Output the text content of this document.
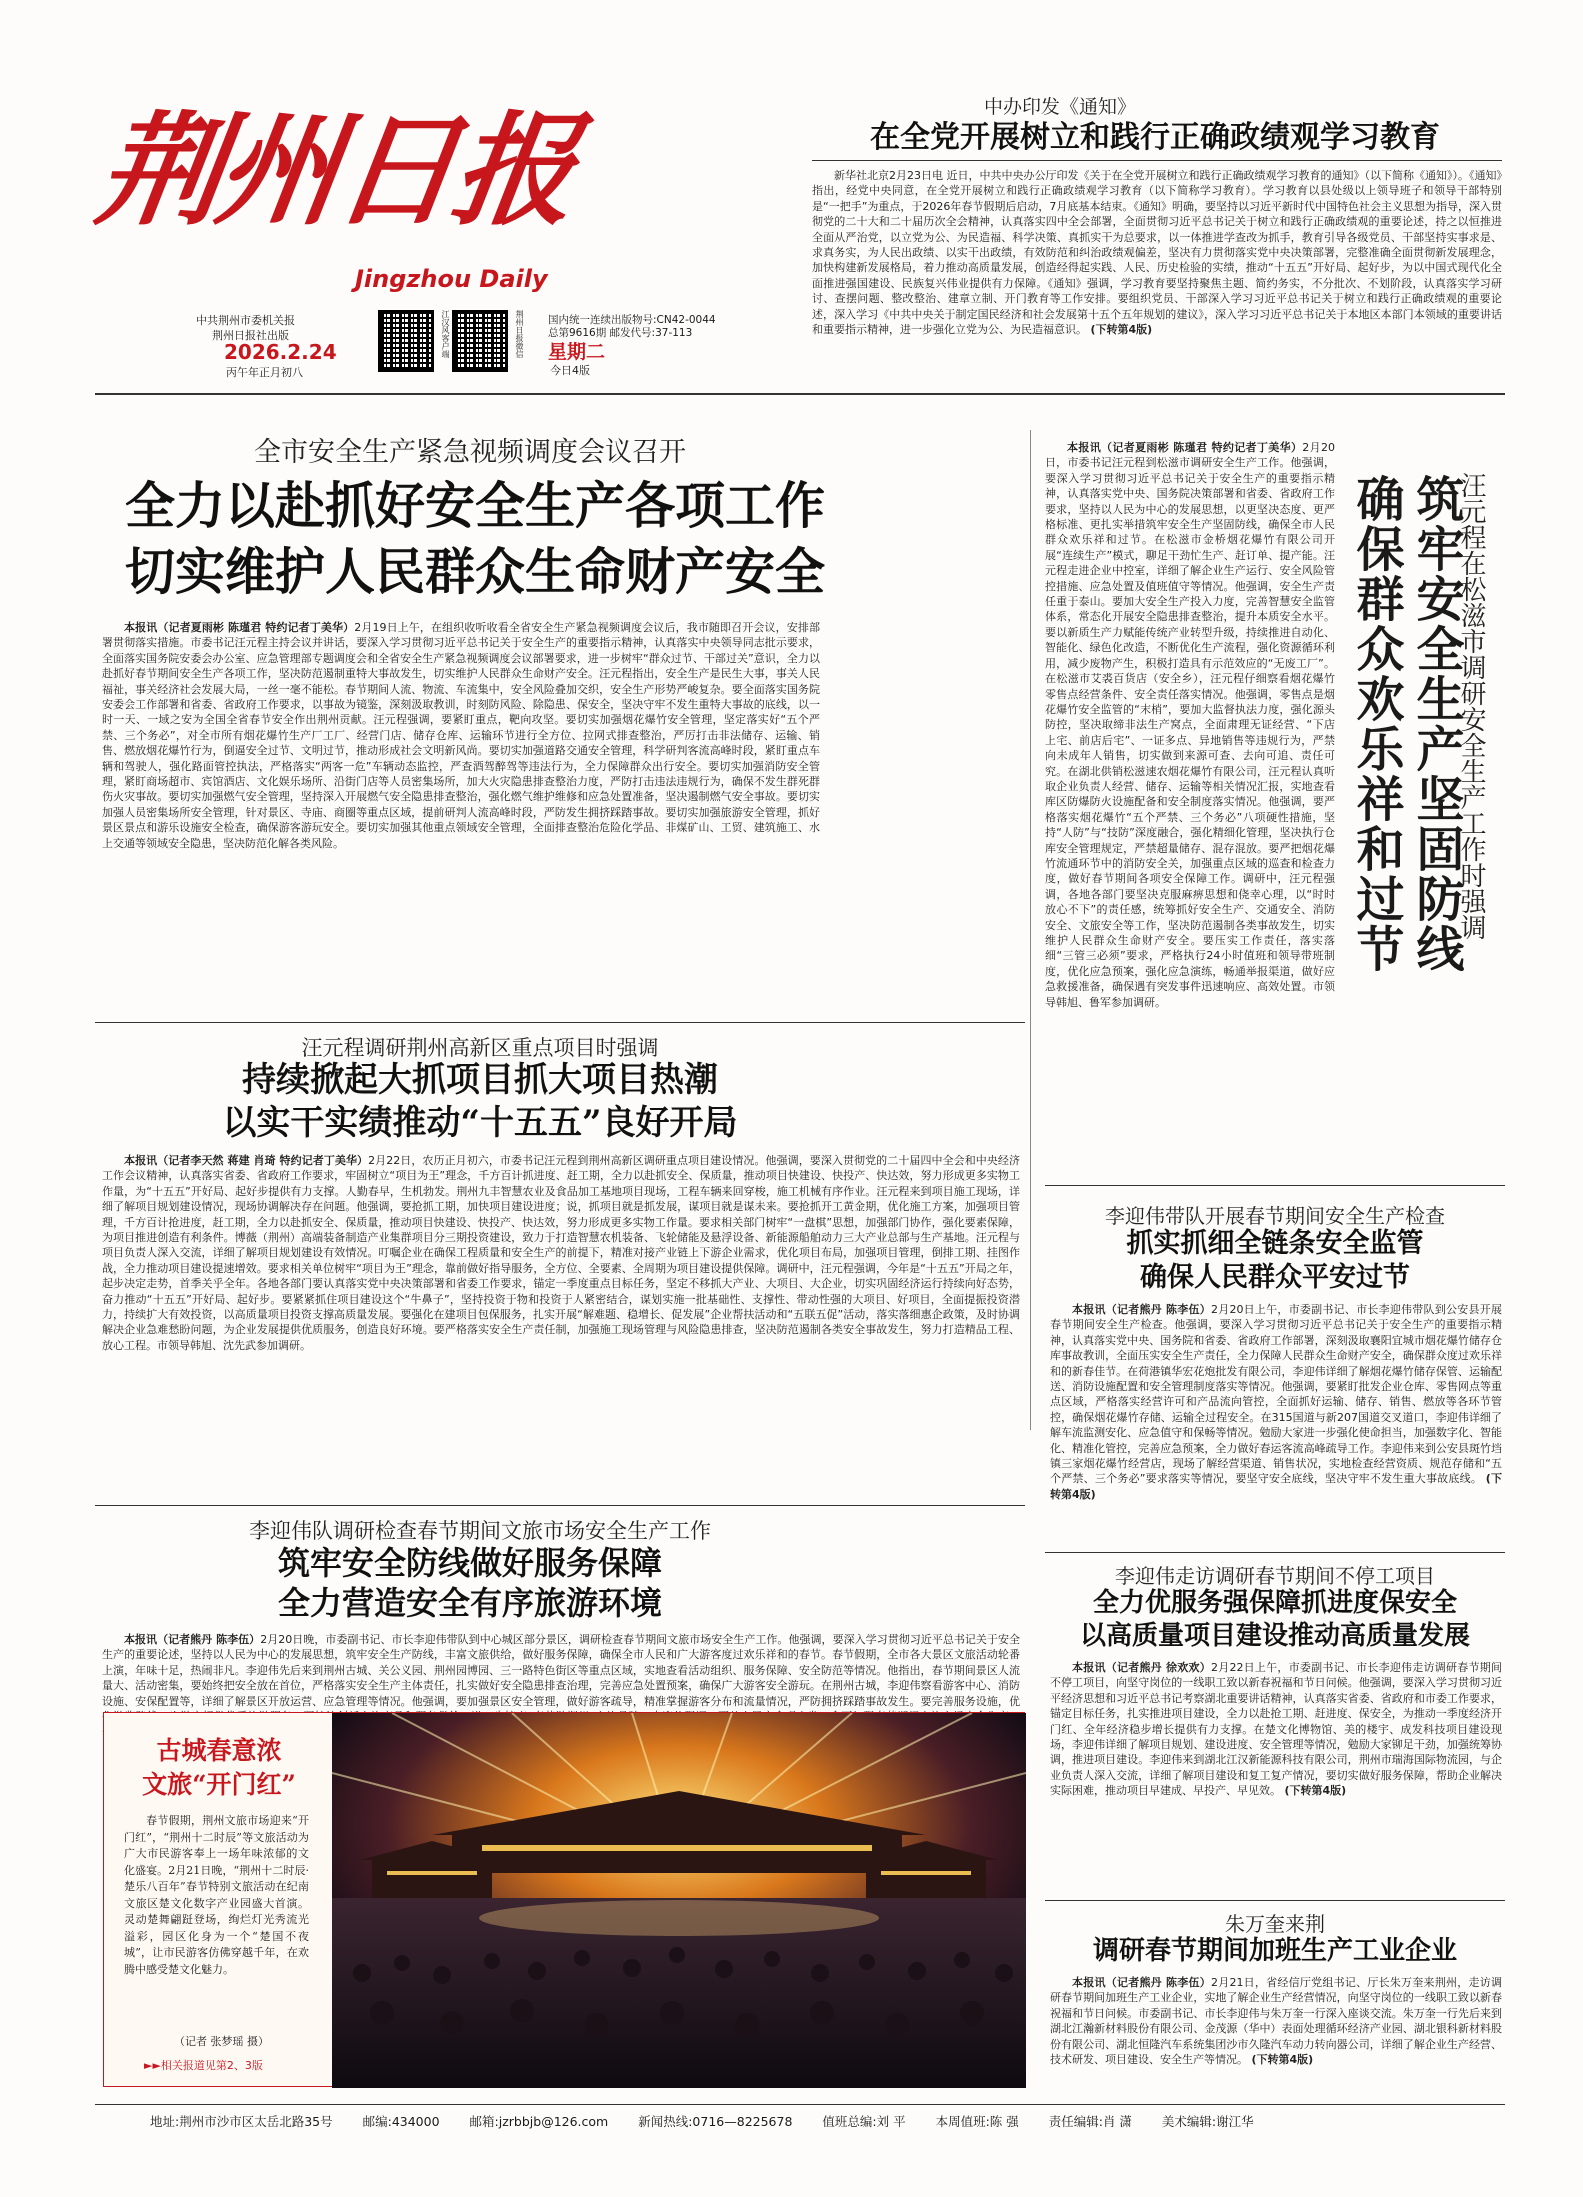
荆州日报
Jingzhou Daily
中共荆州市委机关报
荆州日报社出版
2026.2.24
丙午年正月初八
江汉风客户端	荆州日报微信 星期二
今日4版
国内统一连续出版物号:CN42-0044
总第9616期 邮发代号:37-113
中办印发《通知》
在全党开展树立和践行正确政绩观学习教育
新华社北京2月23日电 近日，中共中央办公厅印发《关于在全党开展树立和践行正确政绩观学习教育的通知》（以下简称《通知》）。《通知》指出，经党中央同意，在全党开展树立和践行正确政绩观学习教育（以下简称学习教育）。学习教育以县处级以上领导班子和领导干部特别是“一把手”为重点，于2026年春节假期后启动，7月底基本结束。《通知》明确，要坚持以习近平新时代中国特色社会主义思想为指导，深入贯彻党的二十大和二十届历次全会精神，认真落实四中全会部署，全面贯彻习近平总书记关于树立和践行正确政绩观的重要论述，持之以恒推进全面从严治党，以立党为公、为民造福、科学决策、真抓实干为总要求，以一体推进学查改为抓手，教育引导各级党员、干部坚持实事求是、求真务实，为人民出政绩、以实干出政绩，有效防范和纠治政绩观偏差，坚决有力贯彻落实党中央决策部署，完整准确全面贯彻新发展理念，加快构建新发展格局，着力推动高质量发展，创造经得起实践、人民、历史检验的实绩，推动“十五五”开好局、起好步，为以中国式现代化全面推进强国建设、民族复兴伟业提供有力保障。《通知》强调，学习教育要坚持聚焦主题、简约务实，不分批次、不划阶段，认真落实学习研讨、查摆问题、整改整治、建章立制、开门教育等工作安排。要组织党员、干部深入学习习近平总书记关于树立和践行正确政绩观的重要论述，深入学习《中共中央关于制定国民经济和社会发展第十五个五年规划的建议》，深入学习习近平总书记关于本地区本部门本领域的重要讲话和重要指示精神，进一步强化立党为公、为民造福意识。 (下转第4版)
全市安全生产紧急视频调度会议召开
全力以赴抓好安全生产各项工作
切实维护人民群众生命财产安全
本报讯（记者夏雨彬 陈瑾君 特约记者丁美华）2月19日上午，在组织收听收看全省安全生产紧急视频调度会议后，我市随即召开会议，安排部署贯彻落实措施。市委书记汪元程主持会议并讲话，要深入学习贯彻习近平总书记关于安全生产的重要指示精神，认真落实中央领导同志批示要求，全面落实国务院安委会办公室、应急管理部专题调度会和全省安全生产紧急视频调度会议部署要求，进一步树牢“群众过节、干部过关”意识，全力以赴抓好春节期间安全生产各项工作，坚决防范遏制重特大事故发生，切实维护人民群众生命财产安全。汪元程指出，安全生产是民生大事，事关人民福祉，事关经济社会发展大局，一丝一毫不能松。春节期间人流、物流、车流集中，安全风险叠加交织，安全生产形势严峻复杂。要全面落实国务院安委会工作部署和省委、省政府工作要求，以事故为镜鉴，深刻汲取教训，时刻防风险、除隐患、保安全，坚决守牢不发生重特大事故的底线，以一时一天、一域之安为全国全省春节安全作出荆州贡献。汪元程强调，要紧盯重点，靶向攻坚。要切实加强烟花爆竹安全管理，坚定落实好“五个严禁、三个务必”，对全市所有烟花爆竹生产厂工厂、经营门店、储存仓库、运输环节进行全方位、拉网式排查整治，严厉打击非法储存、运输、销售、燃放烟花爆竹行为，倒逼安全过节、文明过节，推动形成社会文明新风尚。要切实加强道路交通安全管理，科学研判客流高峰时段，紧盯重点车辆和驾驶人，强化路面管控执法，严格落实“两客一危”车辆动态监控，严查酒驾醉驾等违法行为，全力保障群众出行安全。要切实加强消防安全管理，紧盯商场超市、宾馆酒店、文化娱乐场所、沿街门店等人员密集场所，加大火灾隐患排查整治力度，严防打击违法违规行为，确保不发生群死群伤火灾事故。要切实加强燃气安全管理，坚持深入开展燃气安全隐患排查整治，强化燃气维护维修和应急处置准备，坚决遏制燃气安全事故。要切实加强人员密集场所安全管理，针对景区、寺庙、商圈等重点区域，提前研判人流高峰时段，严防发生拥挤踩踏事故。要切实加强旅游安全管理，抓好景区景点和游乐设施安全检查，确保游客游玩安全。要切实加强其他重点领域安全管理，全面排查整治危险化学品、非煤矿山、工贸、建筑施工、水上交通等领域安全隐患，坚决防范化解各类风险。	汪元程在松滋市调研安全生产工作时强调
筑牢安全生产坚固防线
确保群众欢乐祥和过节
本报讯（记者夏雨彬 陈瑾君 特约记者丁美华）2月20日，市委书记汪元程到松滋市调研安全生产工作。他强调，要深入学习贯彻习近平总书记关于安全生产的重要指示精神，认真落实党中央、国务院决策部署和省委、省政府工作要求，坚持以人民为中心的发展思想，以更坚决态度、更严格标准、更扎实举措筑牢安全生产坚固防线，确保全市人民群众欢乐祥和过节。在松滋市金桥烟花爆竹有限公司开展“连续生产”模式，聊足干劲忙生产、赶订单、提产能。汪元程走进企业中控室，详细了解企业生产运行、安全风险管控措施、应急处置及值班值守等情况。他强调，安全生产责任重于泰山。要加大安全生产投入力度，完善智慧安全监管体系，常态化开展安全隐患排查整治，提升本质安全水平。要以新质生产力赋能传统产业转型升级，持续推进自动化、智能化、绿色化改造，不断优化生产流程，强化资源循环利用，减少废物产生，积极打造具有示范效应的“无废工厂”。在松滋市艾裘百货店（安全乡），汪元程仔细察看烟花爆竹零售点经营条件、安全责任落实情况。他强调，零售点是烟花爆竹安全监管的“末梢”，要加大监督执法力度，强化源头防控，坚决取缔非法生产窝点，全面肃理无证经营、“下店上宅、前店后宅”、一证多点、异地销售等违规行为，严禁向未成年人销售，切实做到来源可查、去向可追、责任可究。在湖北供销松滋速农烟花爆竹有限公司，汪元程认真听取企业负责人经营、储存、运输等相关情况汇报，实地查看库区防爆防火设施配备和安全制度落实情况。他强调，要严格落实烟花爆竹“五个严禁、三个务必”八项硬性措施，坚持“人防”与“技防”深度融合，强化精细化管理，坚决执行仓库安全管理规定，严禁超量储存、混存混放。要严把烟花爆竹流通环节中的消防安全关，加强重点区域的巡查和检查力度，做好春节期间各项安全保障工作。调研中，汪元程强调，各地各部门要坚决克服麻痹思想和侥幸心理，以“时时放心不下”的责任感，统筹抓好安全生产、交通安全、消防安全、文旅安全等工作，坚决防范遏制各类事故发生，切实维护人民群众生命财产安全。要压实工作责任，落实落细“三管三必须”要求，严格执行24小时值班和领导带班制度，优化应急预案，强化应急演练，畅通举报渠道，做好应急救援准备，确保遇有突发事件迅速响应、高效处置。市领导韩旭、鲁军参加调研。
汪元程调研荆州高新区重点项目时强调
持续掀起大抓项目抓大项目热潮
以实干实绩推动“十五五”良好开局
本报讯（记者李天然 蒋建 肖琦 特约记者丁美华）2月22日，农历正月初六，市委书记汪元程到荆州高新区调研重点项目建设情况。他强调，要深入贯彻党的二十届四中全会和中央经济工作会议精神，认真落实省委、省政府工作要求，牢固树立“项目为王”理念，千方百计抓进度、赶工期，全力以赴抓安全、保质量，推动项目快建设、快投产、快达效，努力形成更多实物工作量，为“十五五”开好局、起好步提供有力支撑。人勤春早，生机勃发。荆州九丰智慧农业及食品加工基地项目现场，工程车辆来回穿梭，施工机械有序作业。汪元程来到项目施工现场，详细了解项目规划建设情况，现场协调解决存在问题。他强调，要抢抓工期，加快项目建设进度；说，抓项目就是抓发展，谋项目就是谋未来。要抢抓开工黄金期，优化施工方案，加强项目管理，千方百计抢进度，赶工期，全力以赴抓安全、保质量，推动项目快建设、快投产、快达效，努力形成更多实物工作量。要求相关部门树牢“一盘棋”思想，加强部门协作，强化要素保障，为项目推进创造有利条件。博薇（荆州）高端装备制造产业集群项目分三期投资建设，致力于打造智慧农机装备、飞轮储能及悬浮设备、新能源船舶动力三大产业总部与生产基地。汪元程与项目负责人深入交流，详细了解项目规划建设有效情况。叮嘱企业在确保工程质量和安全生产的前提下，精准对接产业链上下游企业需求，优化项目布局，加强项目管理，倒排工期、挂图作战，全力推动项目建设提速增效。要求相关单位树牢“项目为王”理念，靠前做好指导服务，全方位、全要素、全周期为项目建设提供保障。调研中，汪元程强调，今年是“十五五”开局之年，起步决定走势，首季关乎全年。各地各部门要认真落实党中央决策部署和省委工作要求，锚定一季度重点目标任务，坚定不移抓大产业、大项目、大企业，切实巩固经济运行持续向好态势，奋力推动“十五五”开好局、起好步。要紧紧抓住项目建设这个“牛鼻子”，坚持投资于物和投资于人紧密结合，谋划实施一批基础性、支撑性、带动性强的大项目、好项目，全面提振投资潜力，持续扩大有效投资，以高质量项目投资支撑高质量发展。要强化在建项目包保服务，扎实开展“解难题、稳增长、促发展”企业帮扶活动和“五联五促”活动，落实落细惠企政策，及时协调解决企业急难愁盼问题，为企业发展提供优质服务，创造良好环境。要严格落实安全生产责任制，加强施工现场管理与风险隐患排查，坚决防范遏制各类安全事故发生，努力打造精品工程、放心工程。市领导韩旭、沈先武参加调研。
李迎伟带队开展春节期间安全生产检查
抓实抓细全链条安全监管
确保人民群众平安过节
本报讯（记者熊丹 陈李伍）2月20日上午，市委副书记、市长李迎伟带队到公安县开展春节期间安全生产检查。他强调，要深入学习贯彻习近平总书记关于安全生产的重要指示精神，认真落实党中央、国务院和省委、省政府工作部署，深刻汲取襄阳宜城市烟花爆竹储存仓库事故教训，全面压实安全生产责任，全力保障人民群众生命财产安全，确保群众度过欢乐祥和的新春佳节。在荷港镇华宏花炮批发有限公司，李迎伟详细了解烟花爆竹储存保管、运输配送、消防设施配置和安全管理制度落实等情况。他强调，要紧盯批发企业仓库、零售网点等重点区域，严格落实经营许可和产品流向管控，全面抓好运输、储存、销售、燃放等各环节管控，确保烟花爆竹存储、运输全过程安全。在315国道与新207国道交叉道口，李迎伟详细了解车流监测安化、应急值守和保畅等情况。勉励大家进一步强化使命担当，加强数字化、智能化、精准化管控，完善应急预案，全力做好春运客流高峰疏导工作。李迎伟来到公安县斑竹垱镇三家烟花爆竹经营店，现场了解经营渠道、销售状况，实地检查经营资质、规范存储和“五个严禁、三个务必”要求落实等情况，要坚守安全底线，坚决守牢不发生重大事故底线。 (下转第4版)
李迎伟队调研检查春节期间文旅市场安全生产工作
筑牢安全防线做好服务保障
全力营造安全有序旅游环境
本报讯（记者熊丹 陈李伍）2月20日晚，市委副书记、市长李迎伟带队到中心城区部分景区，调研检查春节期间文旅市场安全生产工作。他强调，要深入学习贯彻习近平总书记关于安全生产的重要论述，坚持以人民为中心的发展思想，筑牢安全生产防线，丰富文旅供给，做好服务保障，确保全市人民和广大游客度过欢乐祥和的春节。春节假期，全市各大景区文旅活动轮番上演，年味十足，热闹非凡。李迎伟先后来到荆州古城、关公义园、荆州园博园、三一路特色街区等重点区域，实地查看活动组织、服务保障、安全防范等情况。他指出，春节期间景区人流量大、活动密集，要始终把安全放在首位，严格落实安全生产主体责任，扎实做好安全隐患排查治理，完善应急处置预案，确保广大游客安全游玩。在荆州古城，李迎伟察看游客中心、消防设施、安保配置等，详细了解景区开放运营、应急管理等情况。他强调，要加强景区安全管理，做好游客疏导，精准掌握游客分布和流量情况，严防拥挤踩踏事故发生。要完善服务设施，优
李迎伟走访调研春节期间不停工项目
全力优服务强保障抓进度保安全
以高质量项目建设推动高质量发展
本报讯（记者熊丹 徐欢欢）2月22日上午，市委副书记、市长李迎伟走访调研春节期间不停工项目，向坚守岗位的一线职工致以新春祝福和节日问候。他强调，要深入学习贯彻习近平经济思想和习近平总书记考察湖北重要讲话精神，认真落实省委、省政府和市委工作要求，锚定目标任务，扎实推进项目建设，全力以赴抢工期、赶进度、保安全，为推动一季度经济开门红、全年经济稳步增长提供有力支撑。在楚文化博物馆、美的楼宇、成发科技项目建设现场，李迎伟详细了解项目规划、建设进度、安全管理等情况，勉励大家铆足干劲，加强统筹协调，推进项目建设。李迎伟来到湖北江汉新能源科技有限公司，荆州市瑞海国际物流园，与企业负责人深入交流，详细了解项目建设和复工复产情况，要切实做好服务保障，帮助企业解决实际困难，推动项目早建成、早投产、早见效。 (下转第4版)
朱万奎来荆
调研春节期间加班生产工业企业
本报讯（记者熊丹 陈李伍）2月21日，省经信厅党组书记、厅长朱万奎来荆州，走访调研春节期间加班生产工业企业，实地了解企业生产经营情况，向坚守岗位的一线职工致以新春祝福和节日问候。市委副书记、市长李迎伟与朱万奎一行深入座谈交流。朱万奎一行先后来到湖北江瀚新材料股份有限公司、金茂源（华中）表面处理循环经济产业园、湖北银科新材料股份有限公司、湖北恒隆汽车系统集团沙市久隆汽车动力转向器公司，详细了解企业生产经营、技术研发、项目建设、安全生产等情况。 (下转第4版)
古城春意浓
文旅“开门红”
春节假期，荆州文旅市场迎来“开门红”，“荆州十二时辰”等文旅活动为广大市民游客奉上一场年味浓郁的文化盛宴。2月21日晚，“荆州十二时辰·楚乐八百年”春节特别文旅活动在纪南文旅区楚文化数字产业园盛大首演。灵动楚舞翩跹登场，绚烂灯光秀流光溢彩，园区化身为一个“楚国不夜城”，让市民游客仿佛穿越千年，在欢腾中感受楚文化魅力。
（记者 张梦瑶 摄）
►►相关报道见第2、3版
地址:荆州市沙市区太岳北路35号 邮编:434000 邮箱:jzrbbjb@126.com 新闻热线:0716—8225678 值班总编:刘 平 本周值班:陈 强 责任编辑:肖 潇 美术编辑:谢江华
